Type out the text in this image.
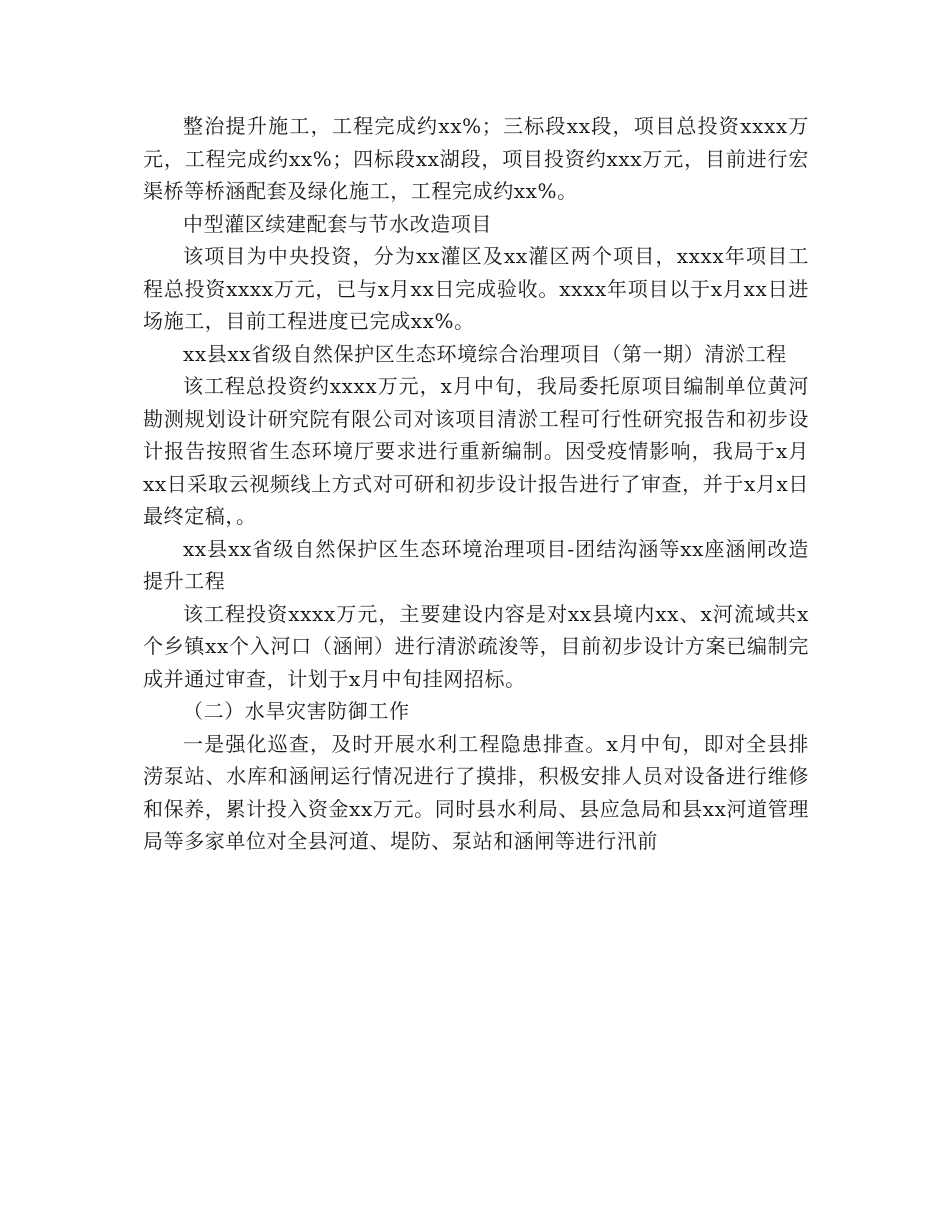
整治提升施工，工程完成约xx%；三标段xx段，项目总投资xxxx万元，工程完成约xx%；四标段xx湖段，项目投资约xxx万元，目前进行宏渠桥等桥涵配套及绿化施工，工程完成约xx%。

中型灌区续建配套与节水改造项目

该项目为中央投资，分为xx灌区及xx灌区两个项目，xxxx年项目工程总投资xxxx万元，已与x月xx日完成验收。xxxx年项目以于x月xx日进场施工，目前工程进度已完成xx%。

xx县xx省级自然保护区生态环境综合治理项目（第一期）清淤工程

该工程总投资约xxxx万元，x月中旬，我局委托原项目编制单位黄河勘测规划设计研究院有限公司对该项目清淤工程可行性研究报告和初步设计报告按照省生态环境厅要求进行重新编制。因受疫情影响，我局于x月xx日采取云视频线上方式对可研和初步设计报告进行了审查，并于x月x日最终定稿，。

xx县xx省级自然保护区生态环境治理项目-团结沟涵等xx座涵闸改造提升工程

该工程投资xxxx万元，主要建设内容是对xx县境内xx、x河流域共x个乡镇xx个入河口（涵闸）进行清淤疏浚等，目前初步设计方案已编制完成并通过审查，计划于x月中旬挂网招标。

（二）水旱灾害防御工作

一是强化巡查，及时开展水利工程隐患排查。x月中旬，即对全县排涝泵站、水库和涵闸运行情况进行了摸排，积极安排人员对设备进行维修和保养，累计投入资金xx万元。同时县水利局、县应急局和县xx河道管理局等多家单位对全县河道、堤防、泵站和涵闸等进行汛前
